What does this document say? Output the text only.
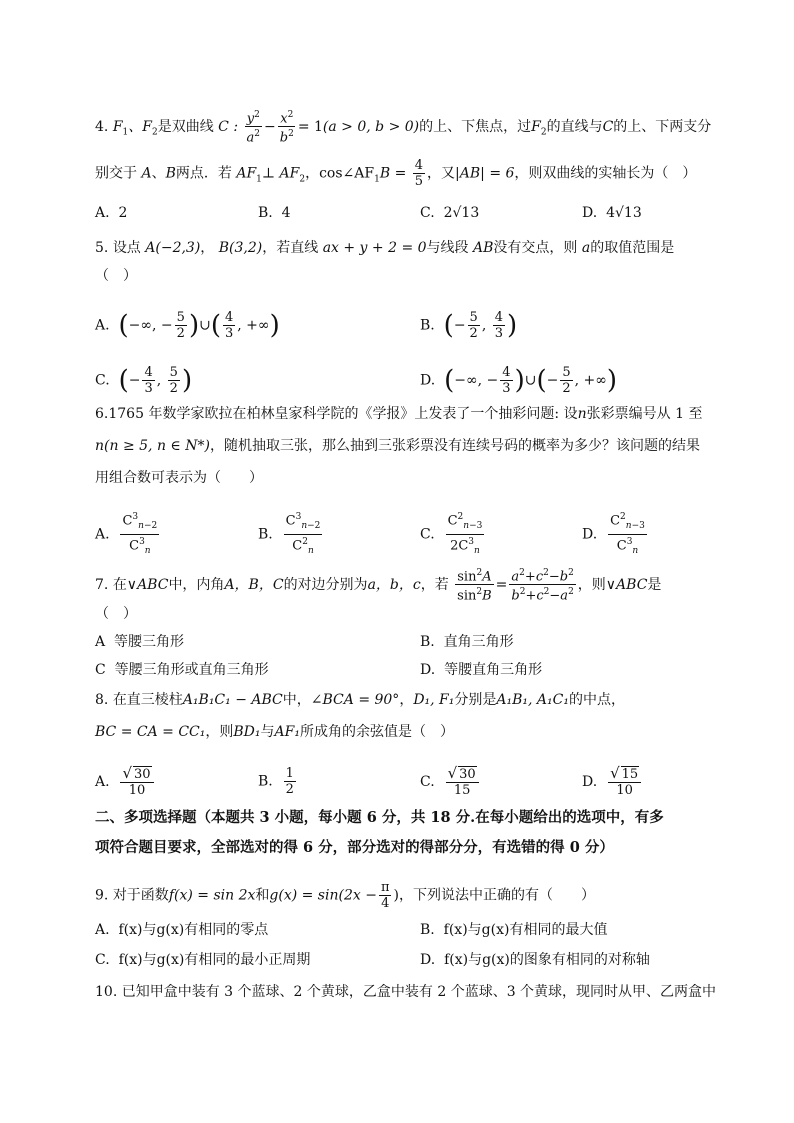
4. $F_1$、$F_2$是双曲线 C : $\frac{y^2}{a^2} - \frac{x^2}{b^2} = 1(a > 0$, b > 0)的上、下焦点，过$F_2$的直线与C的上、下两支分
别交于 A、B两点．若 $AF_1\perp$ $AF_2$，$\cos\angle AF_1B = \frac{4}{5}$ ，又|AB| = 6，则双曲线的实轴长为（　）
A. 2	B. 4	C. 2√13	D. 4√13
5. 设点 A(−2,3)， B(3,2)，若直线 ax + y + 2 = 0与线段 AB没有交点，则 a的取值范围是
（　）
A. (−∞, − $\frac{5}{2}$ )∪( $\frac{4}{3}$ , +∞)	B. (− $\frac{5}{2}$ , $\frac{4}{3}$ )
C. (− $\frac{4}{3}$ , $\frac{5}{2}$ )	D. (−∞, − $\frac{4}{3}$ )∪(− $\frac{5}{2}$ , +∞)
6.1765 年数学家欧拉在柏林皇家科学院的《学报》上发表了一个抽彩问题: 设n张彩票编号从 1 至
n(n ≥ 5, n ∈ N*)，随机抽取三张，那么抽到三张彩票没有连续号码的概率为多少？该问题的结果
用组合数可表示为（　　）
A. $\frac{C^3_{n-2}}{C^3_n}$	B. $\frac{C^3_{n-2}}{C^2_n}$	C. $\frac{C^2_{n-3}}{2C^3_n}$	D. $\frac{C^2_{n-3}}{C^3_n}$
7. 在∨ABC中，内角A，B，C的对边分别为a，b，c，若 $\frac{\sin^2A}{\sin^2B} = \frac{a^2+c^2-b^2}{b^2+c^2-a^2}$ ，则∨ABC是
（　）
A 等腰三角形	B. 直角三角形
C 等腰三角形或直角三角形	D. 等腰直角三角形
8. 在直三棱柱A₁B₁C₁ − ABC中，∠BCA = 90°，D₁, F₁分别是A₁B₁, A₁C₁的中点，
BC = CA = CC₁，则BD₁与AF₁所成角的余弦值是（　）
A. $\frac{√ 30}{10}$	B. $\frac{1}{2}$	C. $\frac{√ 30}{15}$	D. $\frac{√ 15}{10}$
二、多项选择题（本题共 3 小题，每小题 6 分，共 18 分.在每小题给出的选项中，有多
项符合题目要求，全部选对的得 6 分，部分选对的得部分分，有选错的得 0 分）
9. 对于函数f(x) = sin 2x和$g(x) = \sin(2x - \frac{\pi}{4}$ )，下列说法中正确的有（　　）
A. f(x)与g(x)有相同的零点	B. f(x)与g(x)有相同的最大值
C. f(x)与g(x)有相同的最小正周期	D. f(x)与g(x)的图象有相同的对称轴
10. 已知甲盒中装有 3 个蓝球、2 个黄球，乙盒中装有 2 个蓝球、3 个黄球，现同时从甲、乙两盒中
